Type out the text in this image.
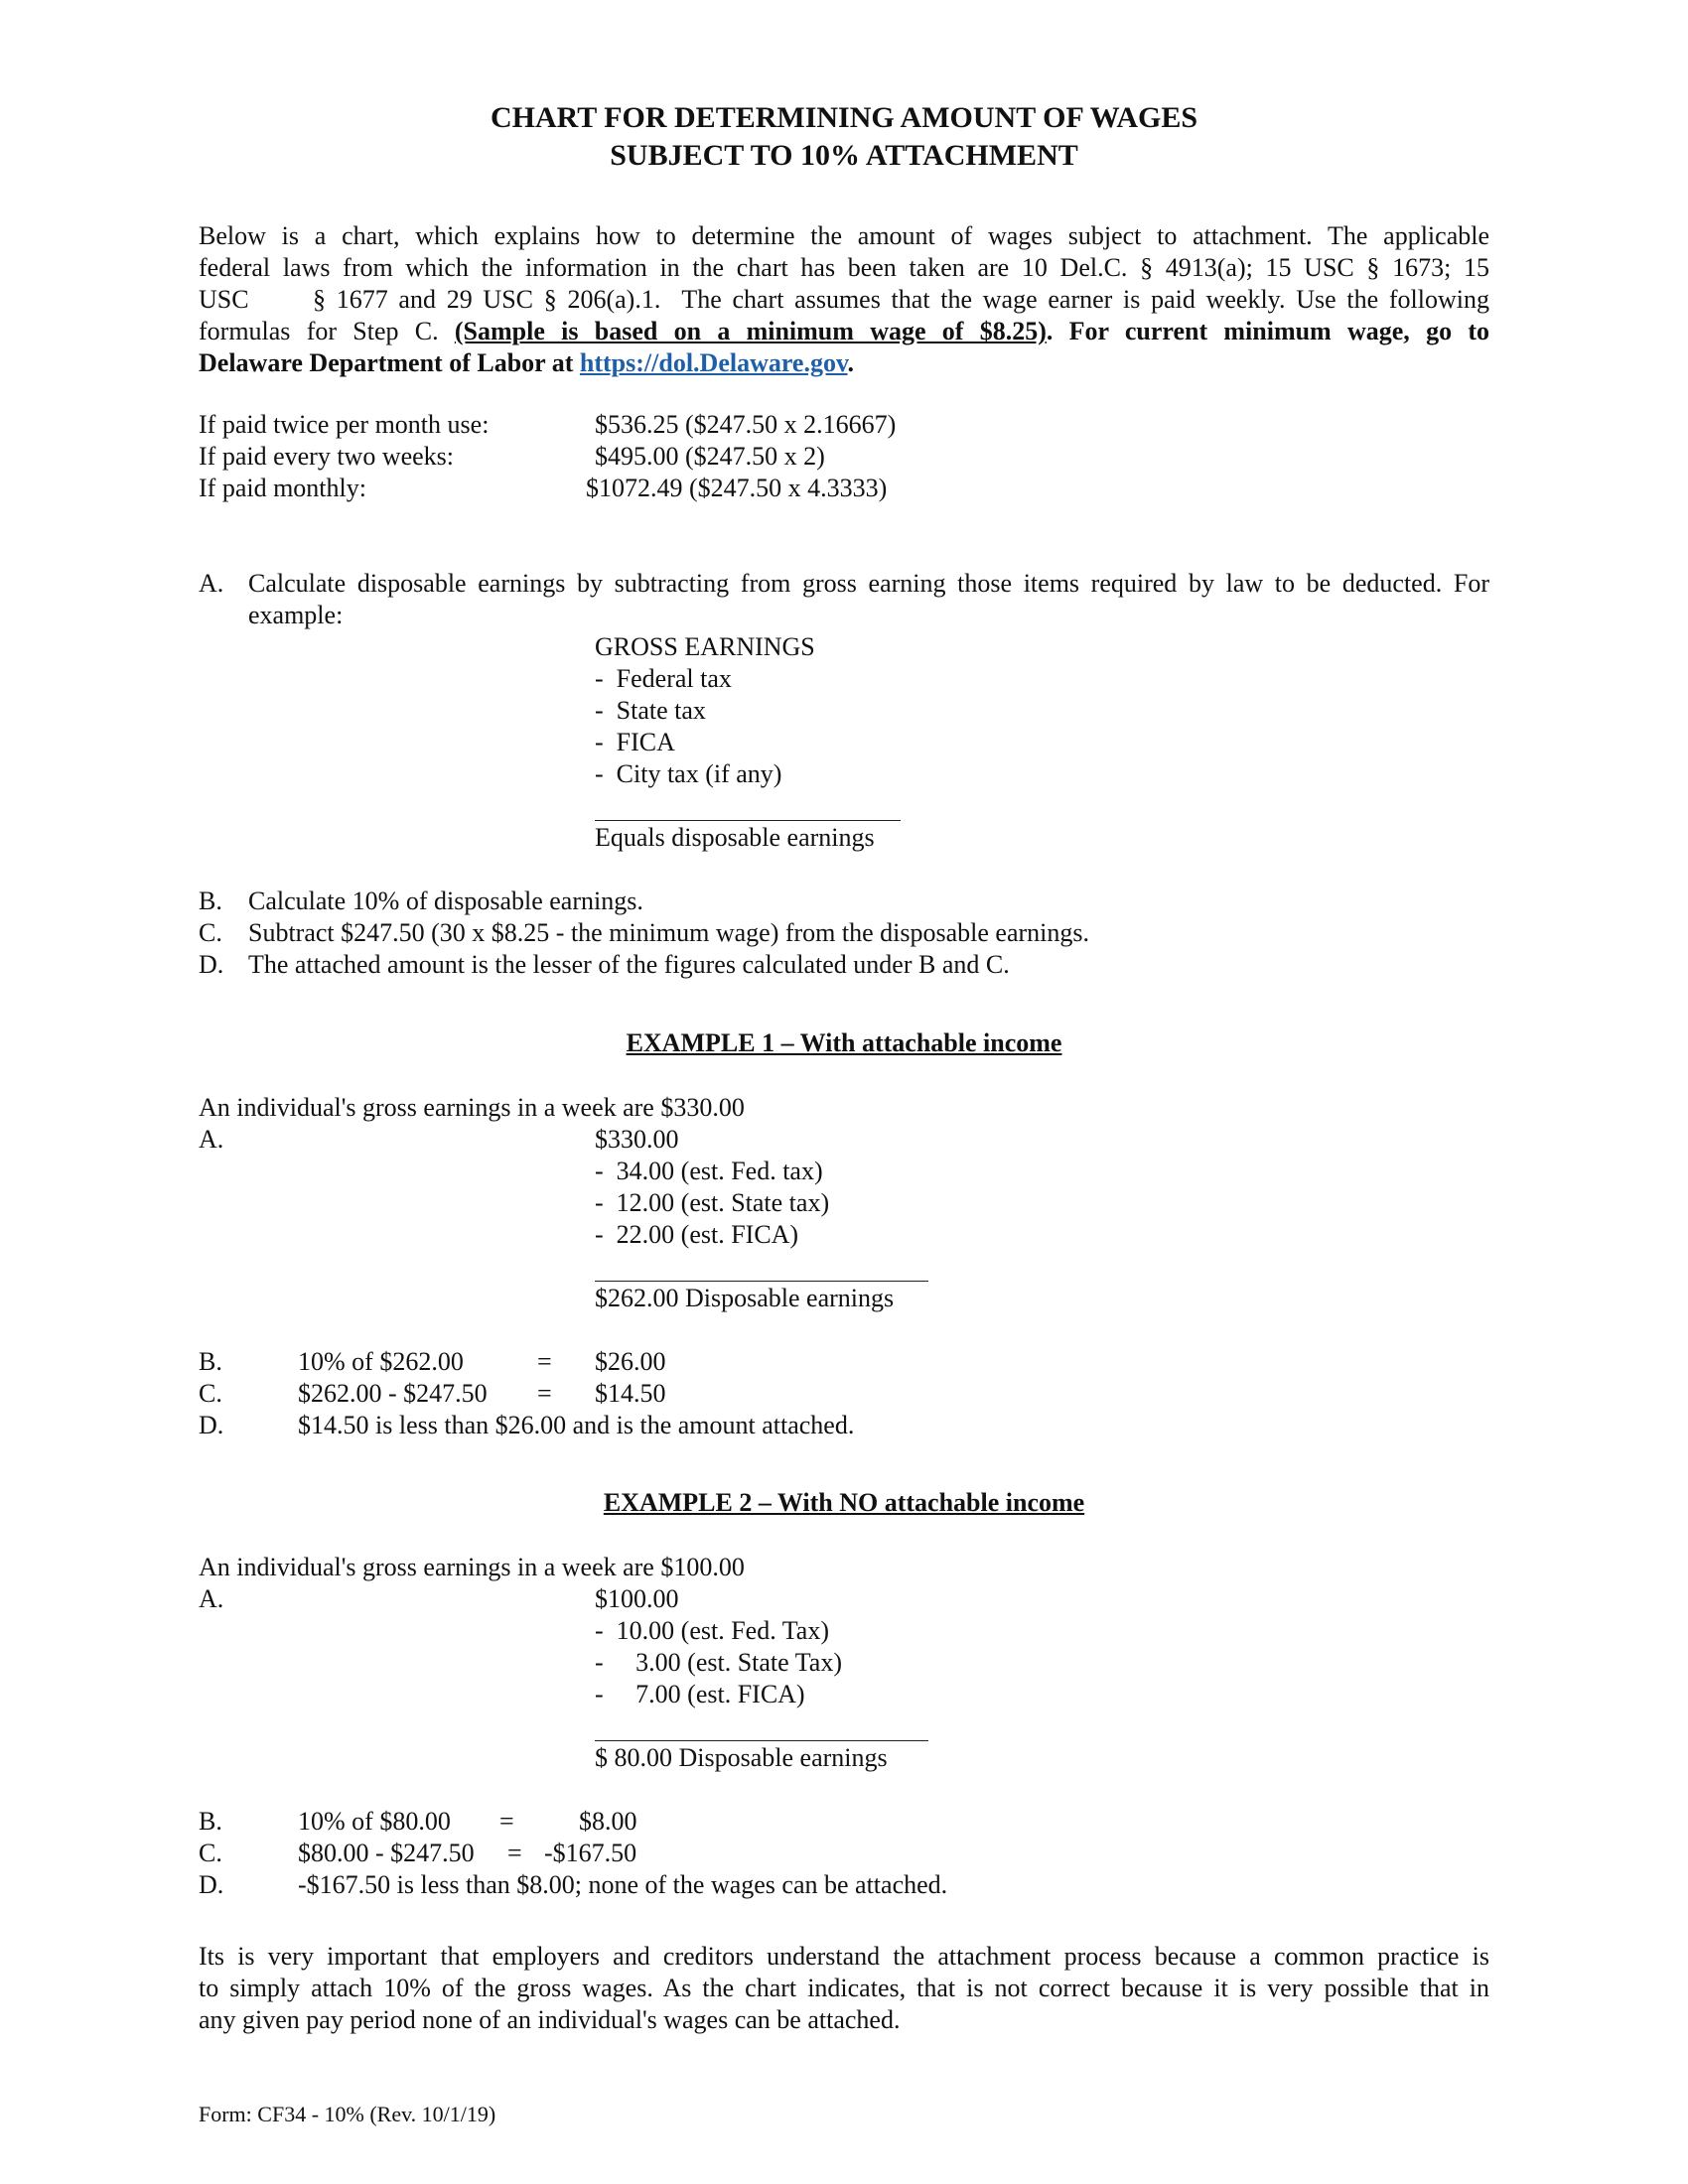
CHART FOR DETERMINING AMOUNT OF WAGES
SUBJECT TO 10% ATTACHMENT
Below is a chart, which explains how to determine the amount of wages subject to attachment. The applicable
federal laws from which the information in the chart has been taken are 10 Del.C. § 4913(a); 15 USC § 1673; 15
USC      § 1677 and 29 USC § 206(a).1.  The chart assumes that the wage earner is paid weekly. Use the following
formulas for Step C. (Sample is based on a minimum wage of $8.25). For current minimum wage, go to
Delaware Department of Labor at https://dol.Delaware.gov.
If paid twice per month use:	$536.25 ($247.50 x 2.16667)
If paid every two weeks:	$495.00 ($247.50 x 2)
If paid monthly:	$1072.49 ($247.50 x 4.3333)
A. Calculate disposable earnings by subtracting from gross earning those items required by law to be deducted. For
example:
GROSS EARNINGS
-  Federal tax
-  State tax
-  FICA
-  City tax (if any)
Equals disposable earnings
B. Calculate 10% of disposable earnings.
C. Subtract $247.50 (30 x $8.25 - the minimum wage) from the disposable earnings.
D. The attached amount is the lesser of the figures calculated under B and C.
EXAMPLE 1 – With attachable income
An individual's gross earnings in a week are $330.00
A.	$330.00
-  34.00 (est. Fed. tax)
-  12.00 (est. State tax)
-  22.00 (est. FICA)
$262.00 Disposable earnings
B.	10% of $262.00	= $26.00
C.	$262.00 - $247.50 = $14.50
D.	$14.50 is less than $26.00 and is the amount attached.
EXAMPLE 2 – With NO attachable income
An individual's gross earnings in a week are $100.00
A.	$100.00
-  10.00 (est. Fed. Tax)
-     3.00 (est. State Tax)
-     7.00 (est. FICA)
$ 80.00 Disposable earnings
B.	10% of $80.00 =	$8.00
C.	$80.00 - $247.50 = -$167.50
D.	-$167.50 is less than $8.00; none of the wages can be attached.
Its is very important that employers and creditors understand the attachment process because a common practice is
to simply attach 10% of the gross wages. As the chart indicates, that is not correct because it is very possible that in
any given pay period none of an individual's wages can be attached.
Form: CF34 - 10% (Rev. 10/1/19)
